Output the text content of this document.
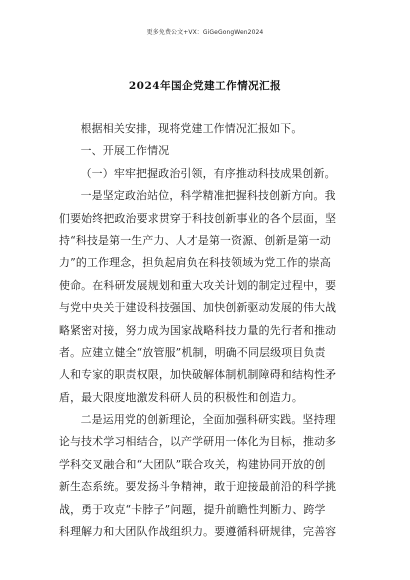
更多免费公文+VX：GiGeGongWen2024
2024年国企党建工作情况汇报
根据相关安排，现将党建工作情况汇报如下。
一、开展工作情况
（一）牢牢把握政治引领，有序推动科技成果创新。
一是坚定政治站位，科学精准把握科技创新方向。我
们要始终把政治要求贯穿于科技创新事业的各个层面，坚
持“科技是第一生产力、人才是第一资源、创新是第一动
力”的工作理念，担负起肩负在科技领域为党工作的崇高
使命。在科研发展规划和重大攻关计划的制定过程中，要
与党中央关于建设科技强国、加快创新驱动发展的伟大战
略紧密对接，努力成为国家战略科技力量的先行者和推动
者。应建立健全“放管服”机制，明确不同层级项目负责
人和专家的职责权限，加快破解体制机制障碍和结构性矛
盾，最大限度地激发科研人员的积极性和创造力。
二是运用党的创新理论，全面加强科研实践。坚持理
论与技术学习相结合，以产学研用一体化为目标，推动多
学科交叉融合和“大团队”联合攻关，构建协同开放的创
新生态系统。要发扬斗争精神，敢于迎接最前沿的科学挑
战，勇于攻克“卡脖子”问题，提升前瞻性判断力、跨学
科理解力和大团队作战组织力。要遵循科研规律，完善容
